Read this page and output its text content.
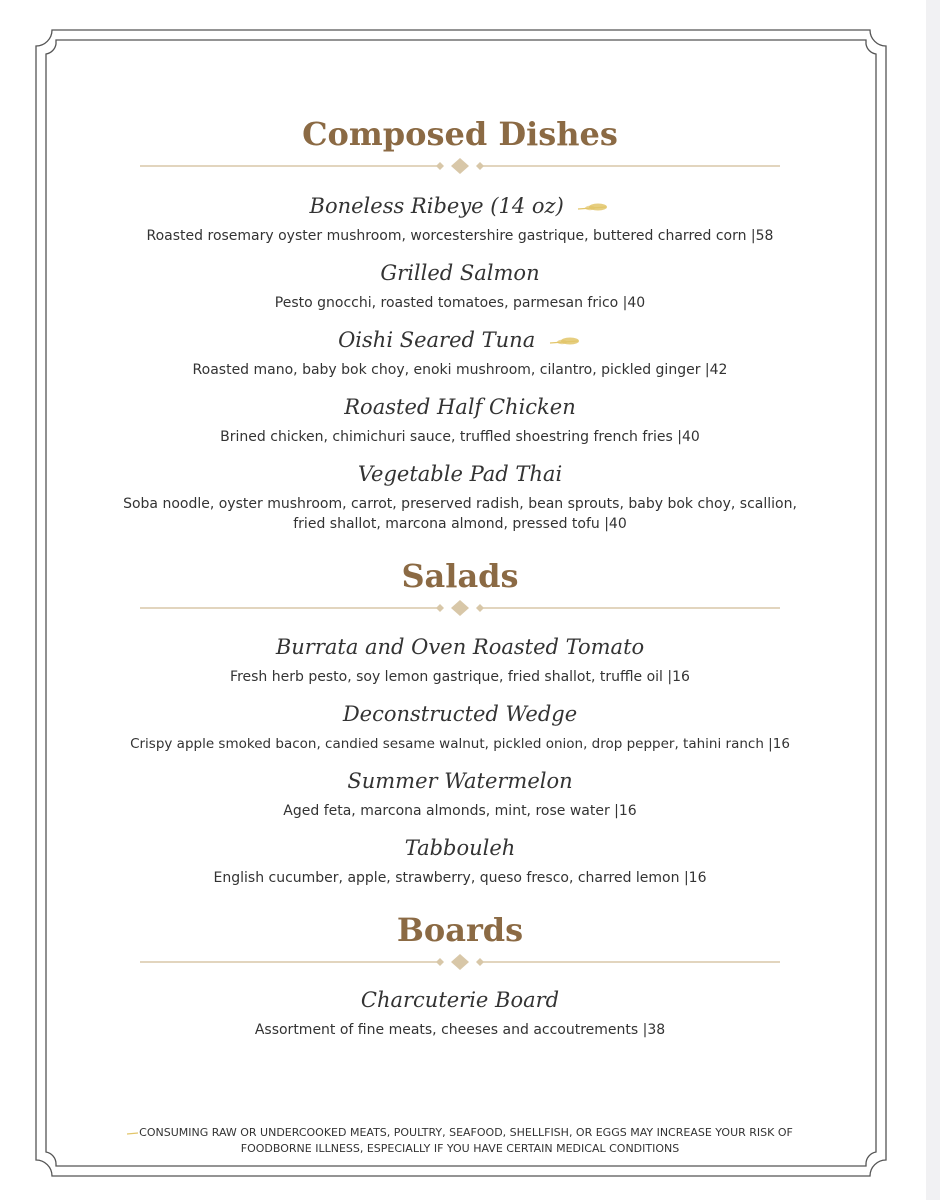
Composed Dishes

Boneless Ribeye (14 oz)

Roasted rosemary oyster mushroom, worcestershire gastrique, buttered charred corn |58

Grilled Salmon

Pesto gnocchi, roasted tomatoes, parmesan frico |40

Oishi Seared Tuna

Roasted mano, baby bok choy, enoki mushroom, cilantro, pickled ginger |42

Roasted Half Chicken

Brined chicken, chimichuri sauce, truffled shoestring french fries |40

Vegetable Pad Thai

Soba noodle, oyster mushroom, carrot, preserved radish, bean sprouts, baby bok choy, scallion,

fried shallot, marcona almond, pressed tofu |40

Salads

Burrata and Oven Roasted Tomato

Fresh herb pesto, soy lemon gastrique, fried shallot, truffle oil |16

Deconstructed Wedge

Crispy apple smoked bacon, candied sesame walnut, pickled onion, drop pepper, tahini ranch |16

Summer Watermelon

Aged feta, marcona almonds, mint, rose water |16

Tabbouleh

English cucumber, apple, strawberry, queso fresco, charred lemon |16

Boards

Charcuterie Board

Assortment of fine meats, cheeses and accoutrements |38

CONSUMING RAW OR UNDERCOOKED MEATS, POULTRY, SEAFOOD, SHELLFISH, OR EGGS MAY INCREASE YOUR RISK OF
FOODBORNE ILLNESS, ESPECIALLY IF YOU HAVE CERTAIN MEDICAL CONDITIONS
